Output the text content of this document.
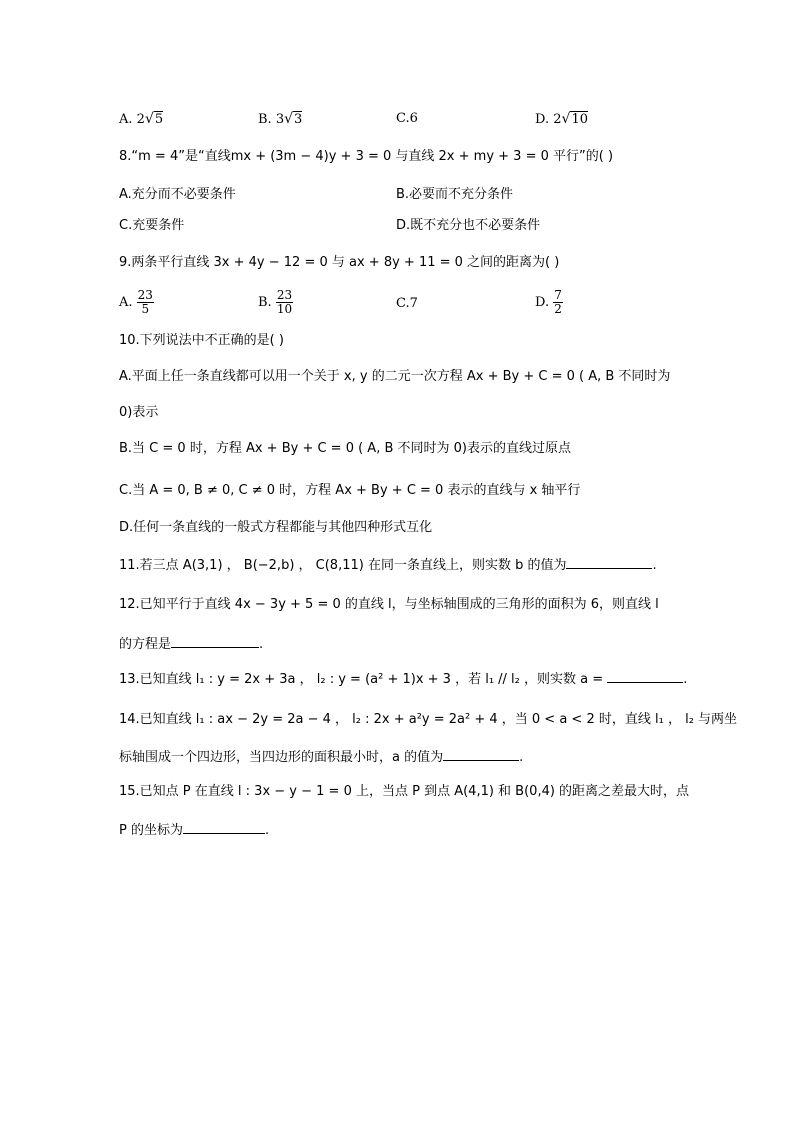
A. 2√5	B. 3√3	C.6	D. 2√10
8.“m = 4”是“直线mx + (3m − 4)y + 3 = 0 与直线 2x + my + 3 = 0 平行”的( )
A.充分而不必要条件	B.必要而不充分条件
C.充要条件	D.既不充分也不必要条件
9.两条平行直线 3x + 4y − 12 = 0 与 ax + 8y + 11 = 0 之间的距离为( )
A. $\frac{23}{5}$	B. $\frac{23}{10}$	C.7	D. $\frac{7}{2}$
10.下列说法中不正确的是( )
A.平面上任一条直线都可以用一个关于 x, y 的二元一次方程 Ax + By + C = 0 ( A, B 不同时为
0)表示
B.当 C = 0 时，方程 Ax + By + C = 0 ( A, B 不同时为 0)表示的直线过原点
C.当 A = 0, B ≠ 0, C ≠ 0 时，方程 Ax + By + C = 0 表示的直线与 x 轴平行
D.任何一条直线的一般式方程都能与其他四种形式互化
11.若三点 A(3,1) ， B(−2,b) ， C(8,11) 在同一条直线上，则实数 b 的值为	.
12.已知平行于直线 4x − 3y + 5 = 0 的直线 l，与坐标轴围成的三角形的面积为 6，则直线 l
的方程是	.
13.已知直线 l₁ : y = 2x + 3a ， l₂ : y = (a² + 1)x + 3 ，若 l₁ // l₂ ，则实数 a =	.
14.已知直线 l₁ : ax − 2y = 2a − 4 ， l₂ : 2x + a²y = 2a² + 4 ，当 0 < a < 2 时，直线 l₁ ， l₂ 与两坐
标轴围成一个四边形，当四边形的面积最小时，a 的值为	.
15.已知点 P 在直线 l : 3x − y − 1 = 0 上，当点 P 到点 A(4,1) 和 B(0,4) 的距离之差最大时，点
P 的坐标为	.
